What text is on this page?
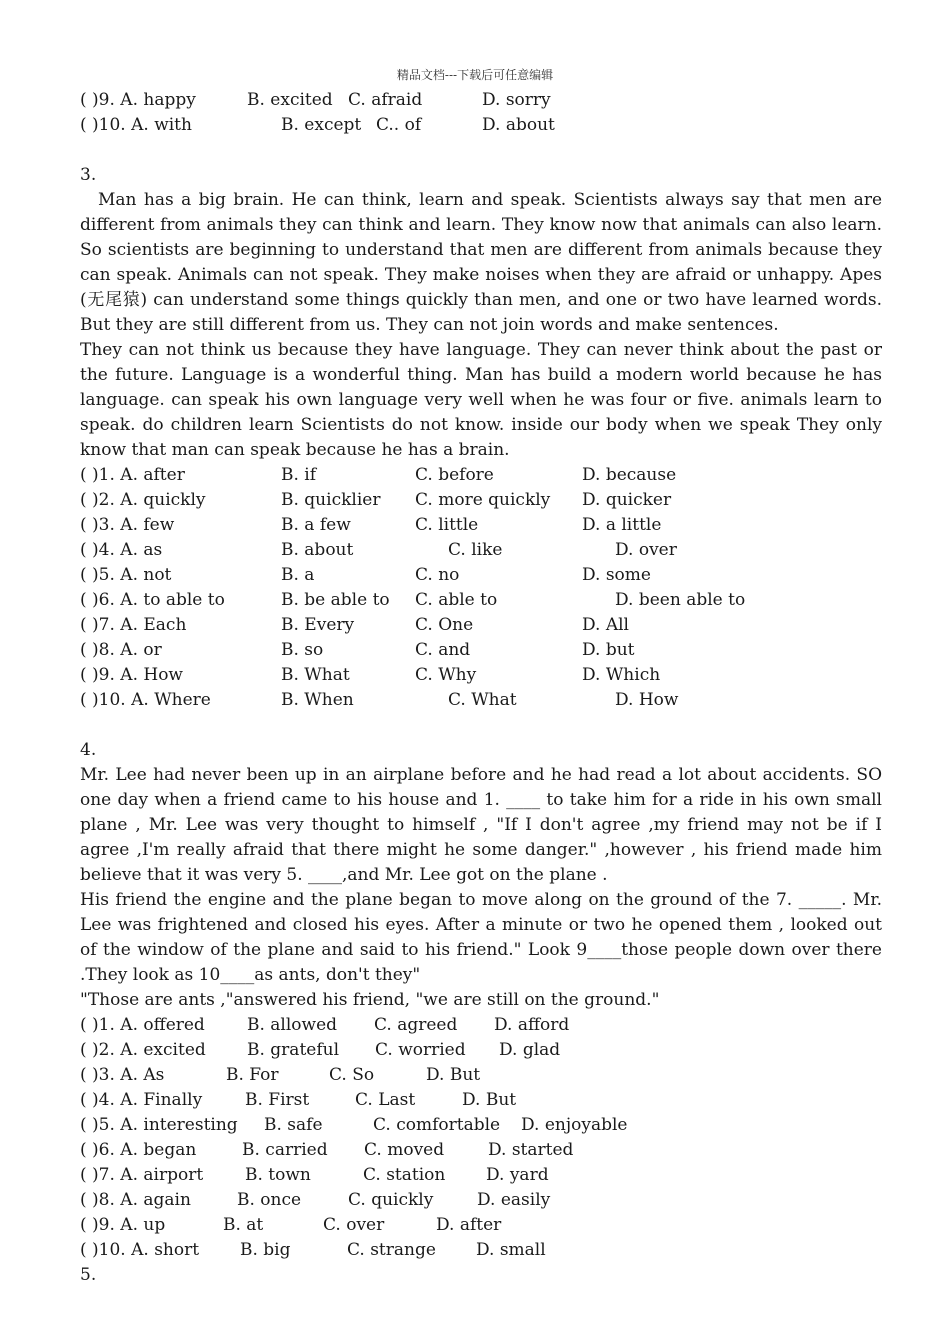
精品文档---下载后可任意编辑
( )9. A. happy	B. excited C. afraid	D. sorry
( )10. A. with	B. except C.. of	D. about
3.
Man has a big brain. He can think, learn and speak. Scientists always say that men are different from animals they can think and learn. They know now that animals can also learn. So scientists are beginning to understand that men are different from animals because they can speak. Animals can not speak. They make noises when they are afraid or unhappy. Apes (无尾猿) can understand some things quickly than men, and one or two have learned words. But they are still different from us. They can not join words and make sentences.
They can not think us because they have language. They can never think about the past or the future. Language is a wonderful thing. Man has build a modern world because he has language. can speak his own language very well when he was four or five. animals learn to speak. do children learn Scientists do not know. inside our body when we speak They only know that man can speak because he has a brain.
( )1. A. after	B. if	C. before	D. because
( )2. A. quickly	B. quicklier C. more quickly D. quicker
( )3. A. few	B. a few	C. little	D. a little
( )4. A. as	B. about	C. like	D. over
( )5. A. not	B. a	C. no	D. some
( )6. A. to able to	B. be able to C. able to	D. been able to
( )7. A. Each	B. Every	C. One	D. All
( )8. A. or	B. so	C. and	D. but
( )9. A. How	B. What	C. Why	D. Which
( )10. A. Where	B. When	C. What	D. How
4.
Mr. Lee had never been up in an airplane before and he had read a lot about accidents. SO one day when a friend came to his house and 1. ____ to take him for a ride in his own small plane , Mr. Lee was very thought to himself , "If I don't agree ,my friend may not be if I agree ,I'm really afraid that there might he some danger." ,however , his friend made him believe that it was very 5. ____,and Mr. Lee got on the plane .
His friend the engine and the plane began to move along on the ground of the 7. _____. Mr. Lee was frightened and closed his eyes. After a minute or two he opened them , looked out of the window of the plane and said to his friend." Look 9____those people down over there .They look as 10____as ants, don't they"
"Those are ants ,"answered his friend, "we are still on the ground."
( )1. A. offered B. allowed C. agreed D. afford
( )2. A. excited B. grateful C. worried D. glad
( )3. A. As	B. For	C. So	D. But
( )4. A. Finally	B. First	C. Last	D. But
( )5. A. interesting B. safe	C. comfortable D. enjoyable
( )6. A. began	B. carried C. moved	D. started
( )7. A. airport B. town	C. station D. yard
( )8. A. again	B. once	C. quickly	D. easily
( )9. A. up	B. at	C. over	D. after
( )10. A. short B. big	C. strange D. small
5.
